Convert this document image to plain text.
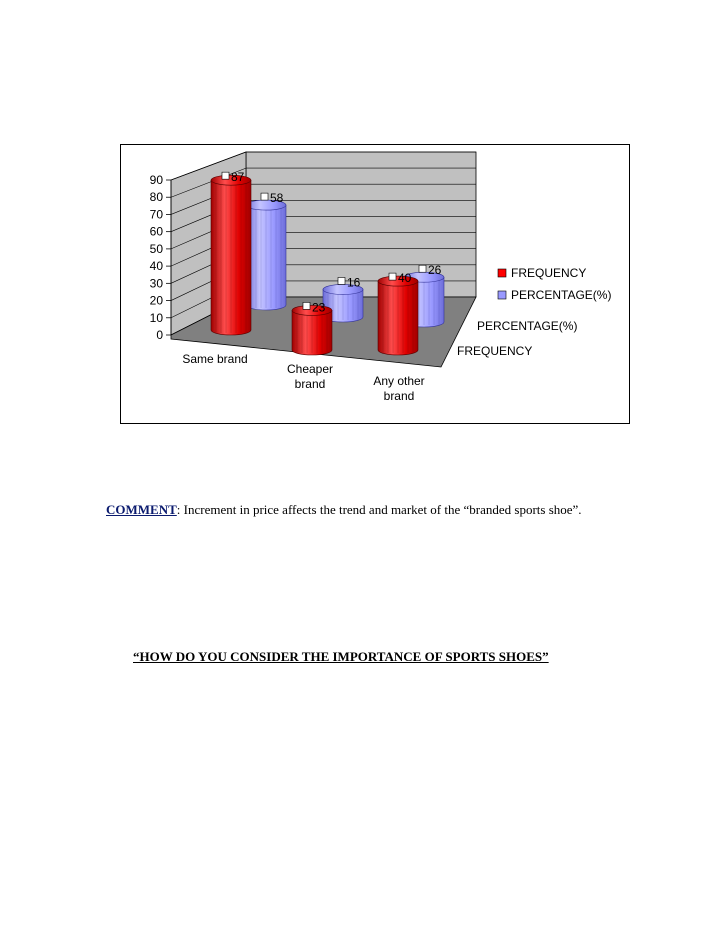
0
10
20
30
40
50
60
70
80
90
58
16
26
87
23
40
Same brand
Cheaper
brand	Any other
brand
PERCENTAGE(%)
FREQUENCY
FREQUENCY
PERCENTAGE(%)
COMMENT: Increment in price affects the trend and market of the “branded sports shoe”.
“HOW DO YOU CONSIDER THE IMPORTANCE OF SPORTS SHOES”
